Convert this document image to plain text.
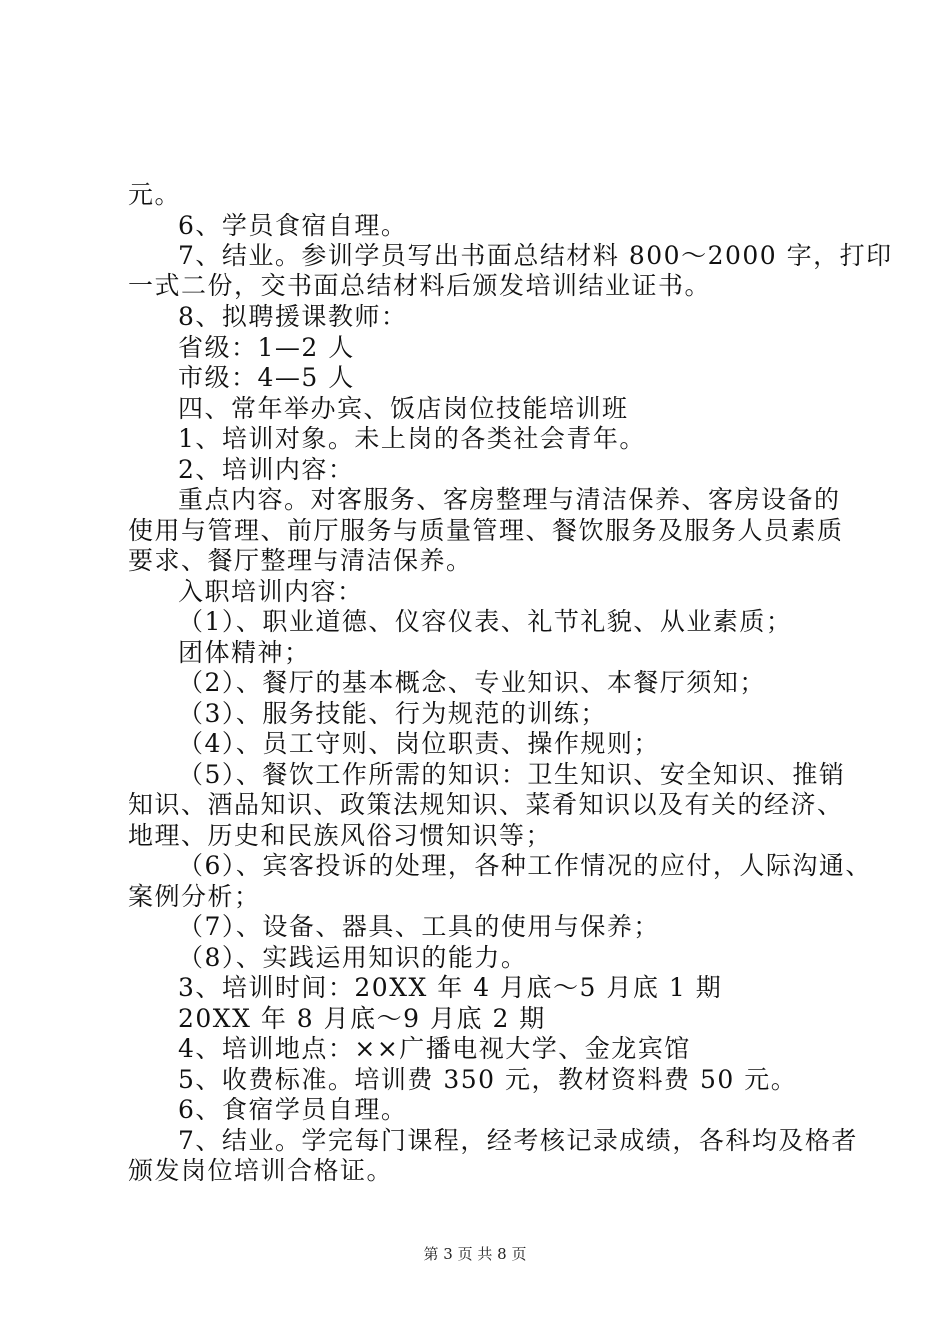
元。
6、学员食宿自理。
7、结业。参训学员写出书面总结材料 800～2000 字，打印
一式二份，交书面总结材料后颁发培训结业证书。
8、拟聘援课教师：
省级：1—2 人
市级：4—5 人
四、常年举办宾、饭店岗位技能培训班
1、培训对象。未上岗的各类社会青年。
2、培训内容：
重点内容。对客服务、客房整理与清洁保养、客房设备的
使用与管理、前厅服务与质量管理、餐饮服务及服务人员素质
要求、餐厅整理与清洁保养。
入职培训内容：
（1）、职业道德、仪容仪表、礼节礼貌、从业素质；
团体精神；
（2）、餐厅的基本概念、专业知识、本餐厅须知；
（3）、服务技能、行为规范的训练；
（4）、员工守则、岗位职责、操作规则；
（5）、餐饮工作所需的知识：卫生知识、安全知识、推销
知识、酒品知识、政策法规知识、菜肴知识以及有关的经济、
地理、历史和民族风俗习惯知识等；
（6）、宾客投诉的处理，各种工作情况的应付，人际沟通、
案例分析；
（7）、设备、器具、工具的使用与保养；
（8）、实践运用知识的能力。
3、培训时间：20XX 年 4 月底～5 月底 1 期
20XX 年 8 月底～9 月底 2 期
4、培训地点：××广播电视大学、金龙宾馆
5、收费标准。培训费 350 元，教材资料费 50 元。
6、食宿学员自理。
7、结业。学完每门课程，经考核记录成绩，各科均及格者
颁发岗位培训合格证。
第 3 页 共 8 页
